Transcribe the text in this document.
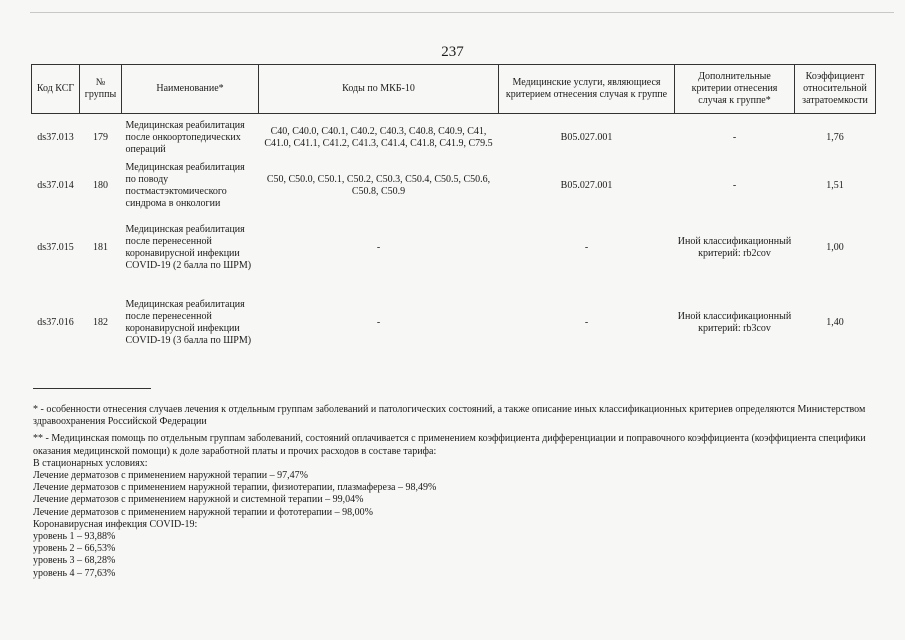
237
Код КСГ	№ группы	Наименование*	Коды по МКБ-10	Медицинские услуги, являющиеся критерием отнесения случая к группе	Дополнительные критерии отнесения случая к группе*	Коэффициент относительной затратоемкости
ds37.013	179	Медицинская реабилитация после онкоортопедических операций	C40, C40.0, C40.1, C40.2, C40.3, C40.8, C40.9, C41, C41.0, C41.1, C41.2, C41.3, C41.4, C41.8, C41.9, C79.5	B05.027.001	-	1,76
ds37.014	180	Медицинская реабилитация по поводу постмастэктомического синдрома в онкологии	C50, C50.0, C50.1, C50.2, C50.3, C50.4, C50.5, C50.6, C50.8, C50.9	B05.027.001	-	1,51
ds37.015	181	Медицинская реабилитация после перенесенной коронавирусной инфекции COVID-19 (2 балла по ШРМ)	-	-	Иной классификационный критерий: rb2cov	1,00
ds37.016	182	Медицинская реабилитация после перенесенной коронавирусной инфекции COVID-19 (3 балла по ШРМ)	-	-	Иной классификационный критерий: rb3cov	1,40

* - особенности отнесения случаев лечения к отдельным группам заболеваний и патологических состояний, а также описание иных классификационных критериев определяются Министерством здравоохранения Российской Федерации

** - Медицинская помощь по отдельным группам заболеваний, состояний оплачивается с применением коэффициента дифференциации и поправочного коэффициента (коэффициента специфики оказания медицинской помощи) к доле заработной платы и прочих расходов в составе тарифа:

В стационарных условиях:

Лечение дерматозов с применением наружной терапии – 97,47%

Лечение дерматозов с применением наружной терапии, физиотерапии, плазмафереза – 98,49%

Лечение дерматозов с применением наружной и системной терапии – 99,04%

Лечение дерматозов с применением наружной терапии и фототерапии – 98,00%

Коронавирусная инфекция COVID-19:

уровень 1 – 93,88%

уровень 2 – 66,53%

уровень 3 – 68,28%

уровень 4 – 77,63%
